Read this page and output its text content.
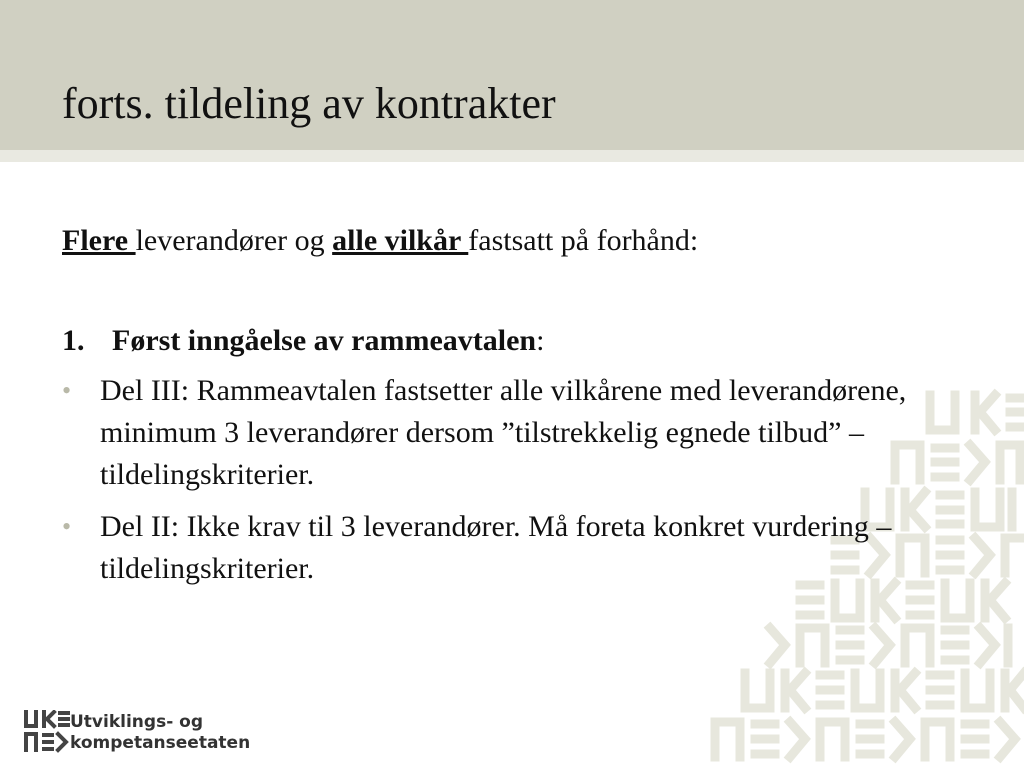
forts. tildeling av kontrakter

Flere leverandører og alle vilkår fastsatt på forhånd:

1. Først inngåelse av rammeavtalen:

• Del III: Rammeavtalen fastsetter alle vilkårene med leverandørene, minimum 3 leverandører dersom ”tilstrekkelig egnede tilbud” – tildelingskriterier.
• Del II: Ikke krav til 3 leverandører. Må foreta konkret vurdering – tildelingskriterier.
Utviklings- og
kompetanseetaten
